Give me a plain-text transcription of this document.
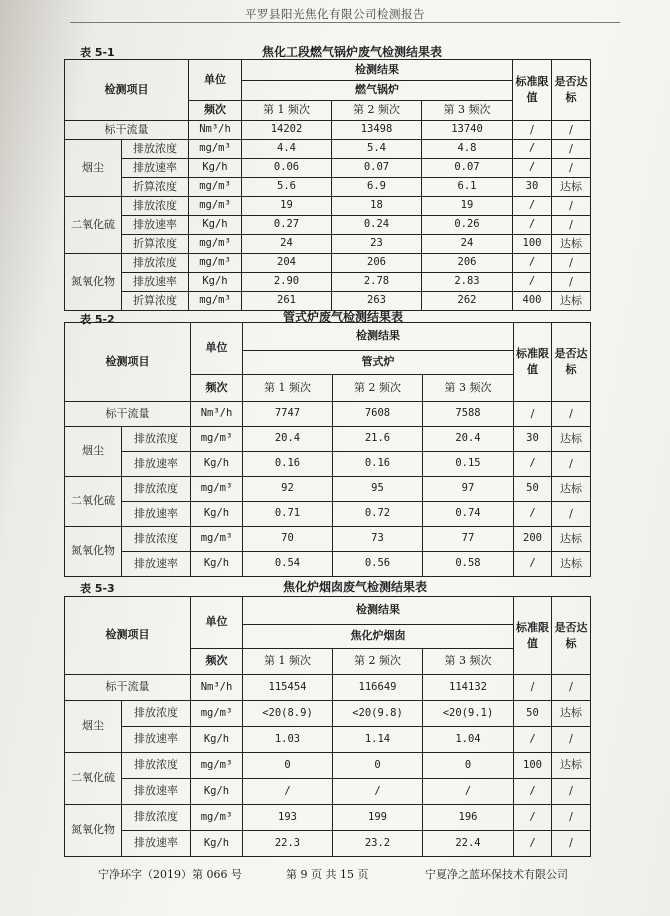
平罗县阳光焦化有限公司检测报告
表 5-1	焦化工段燃气锅炉废气检测结果表
检测项目		单位	检测结果			标准限值	是否达标
			燃气锅炉				
		频次	第 1 频次	第 2 频次	第 3 频次		
标干流量		Nm³/h	14202	13498	13740	/	/
烟尘	排放浓度	mg/m³	4.4	5.4	4.8	/	/
	排放速率	Kg/h	0.06	0.07	0.07	/	/
	折算浓度	mg/m³	5.6	6.9	6.1	30	达标
二氧化硫	排放浓度	mg/m³	19	18	19	/	/
	排放速率	Kg/h	0.27	0.24	0.26	/	/
	折算浓度	mg/m³	24	23	24	100	达标
氮氧化物	排放浓度	mg/m³	204	206	206	/	/
	排放速率	Kg/h	2.90	2.78	2.83	/	/
	折算浓度	mg/m³	261	263	262	400	达标
表 5-2	管式炉废气检测结果表
检测项目		单位	检测结果			标准限值	是否达标
			管式炉				
		频次	第 1 频次	第 2 频次	第 3 频次		
标干流量		Nm³/h	7747	7608	7588	/	/
烟尘	排放浓度	mg/m³	20.4	21.6	20.4	30	达标
	排放速率	Kg/h	0.16	0.16	0.15	/	/
二氧化硫	排放浓度	mg/m³	92	95	97	50	达标
	排放速率	Kg/h	0.71	0.72	0.74	/	/
氮氧化物	排放浓度	mg/m³	70	73	77	200	达标
	排放速率	Kg/h	0.54	0.56	0.58	/	达标
表 5-3	焦化炉烟囱废气检测结果表
检测项目		单位	检测结果			标准限值	是否达标
			焦化炉烟囱				
		频次	第 1 频次	第 2 频次	第 3 频次		
标干流量		Nm³/h	115454	116649	114132	/	/
烟尘	排放浓度	mg/m³	<20(8.9)	<20(9.8)	<20(9.1)	50	达标
	排放速率	Kg/h	1.03	1.14	1.04	/	/
二氧化硫	排放浓度	mg/m³	0	0	0	100	达标
	排放速率	Kg/h	/	/	/	/	/
氮氧化物	排放浓度	mg/m³	193	199	196	/	/
	排放速率	Kg/h	22.3	23.2	22.4	/	/
宁净环字（2019）第 066 号	第 9 页 共 15 页	宁夏净之蓝环保技术有限公司
